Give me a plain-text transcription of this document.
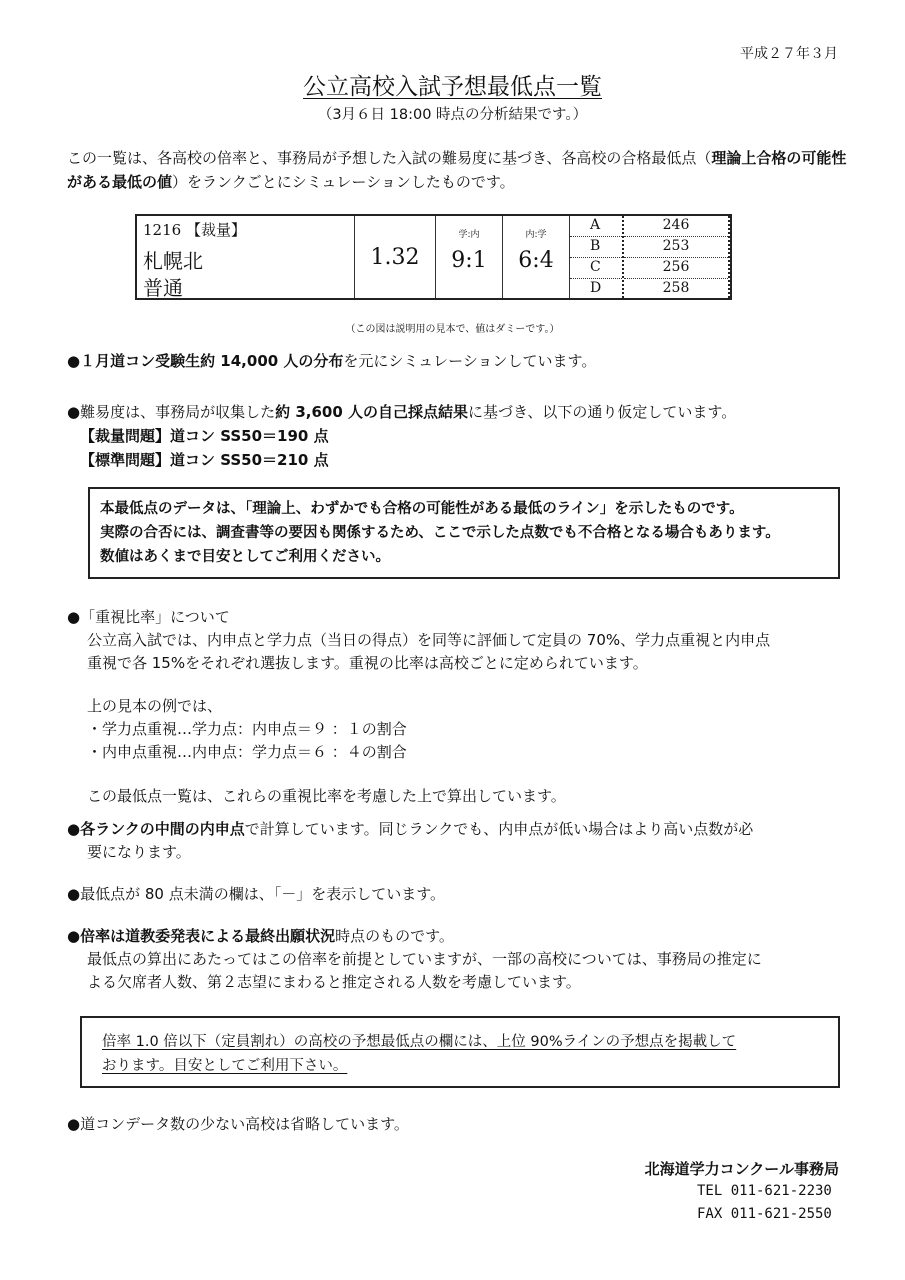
平成２７年３月
公立高校入試予想最低点一覧
（3月６日 18:00 時点の分析結果です。）
この一覧は、各高校の倍率と、事務局が予想した入試の難易度に基づき、各高校の合格最低点（理論上合格の可能性がある最低の値）をランクごとにシミュレーションしたものです。
1216 【裁量】
札幌北
普通
1.32
学:内
9:1
内:学
6:4
A
B
C
D
246
253
256
258
（この図は説明用の見本で、値はダミーです。）
●１月道コン受験生約 14,000 人の分布を元にシミュレーションしています。
●難易度は、事務局が収集した約 3,600 人の自己採点結果に基づき、以下の通り仮定しています。
【裁量問題】道コン SS50＝190 点
【標準問題】道コン SS50＝210 点
本最低点のデータは、「理論上、わずかでも合格の可能性がある最低のライン」を示したものです。
実際の合否には、調査書等の要因も関係するため、ここで示した点数でも不合格となる場合もあります。
数値はあくまで目安としてご利用ください。
●「重視比率」について
公立高入試では、内申点と学力点（当日の得点）を同等に評価して定員の 70%、学力点重視と内申点
重視で各 15%をそれぞれ選抜します。重視の比率は高校ごとに定められています。
上の見本の例では、
・学力点重視…学力点：内申点＝９ ：１の割合
・内申点重視…内申点：学力点＝６ ：４の割合
この最低点一覧は、これらの重視比率を考慮した上で算出しています。
●各ランクの中間の内申点で計算しています。同じランクでも、内申点が低い場合はより高い点数が必
要になります。
●最低点が 80 点未満の欄は、「－」を表示しています。
●倍率は道教委発表による最終出願状況時点のものです。
最低点の算出にあたってはこの倍率を前提としていますが、一部の高校については、事務局の推定に
よる欠席者人数、第２志望にまわると推定される人数を考慮しています。
倍率 1.0 倍以下（定員割れ）の高校の予想最低点の欄には、上位 90%ラインの予想点を掲載して
おります。目安としてご利用下さい。
●道コンデータ数の少ない高校は省略しています。
北海道学力コンクール事務局
TEL 011-621-2230
FAX 011-621-2550
